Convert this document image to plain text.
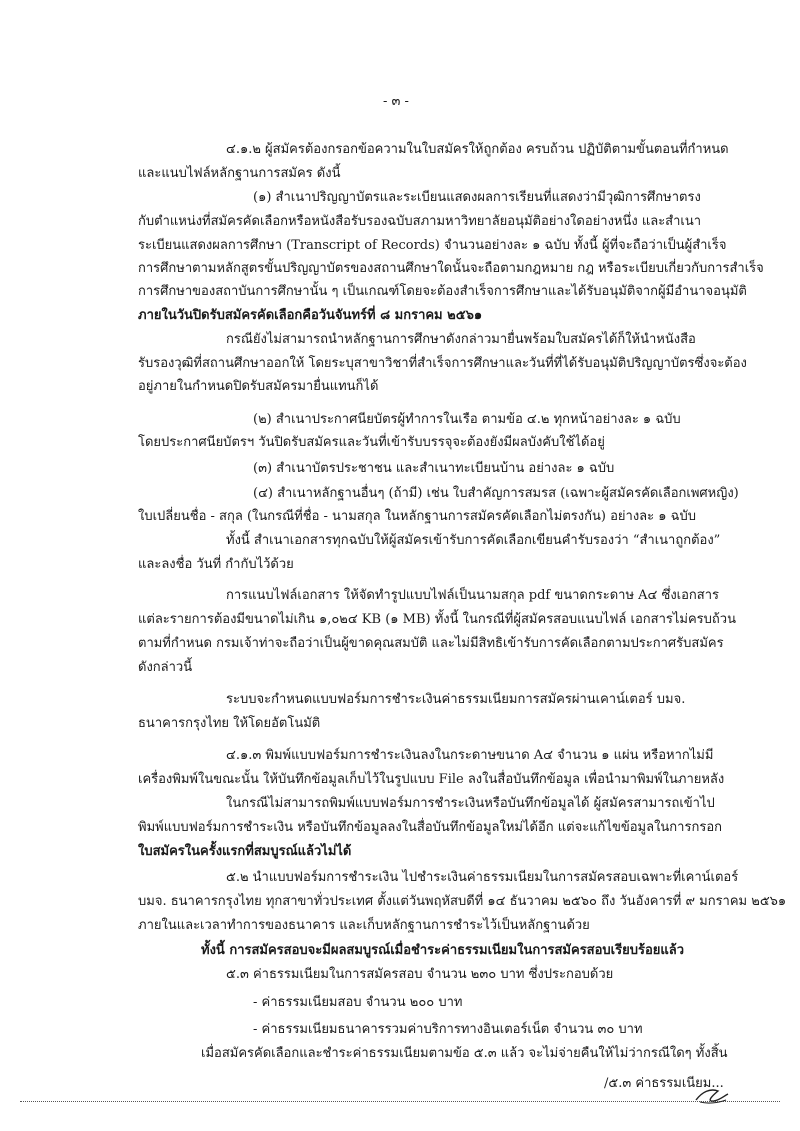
- ๓ -
๔.๑.๒ ผู้สมัครต้องกรอกข้อความในใบสมัครให้ถูกต้อง ครบถ้วน ปฏิบัติตามขั้นตอนที่กำหนด
และแนบไฟล์หลักฐานการสมัคร ดังนี้
(๑) สำเนาปริญญาบัตรและระเบียนแสดงผลการเรียนที่แสดงว่ามีวุฒิการศึกษาตรง
กับตำแหน่งที่สมัครคัดเลือกหรือหนังสือรับรองฉบับสภามหาวิทยาลัยอนุมัติอย่างใดอย่างหนึ่ง และสำเนา
ระเบียนแสดงผลการศึกษา (Transcript of Records) จำนวนอย่างละ ๑ ฉบับ ทั้งนี้ ผู้ที่จะถือว่าเป็นผู้สำเร็จ
การศึกษาตามหลักสูตรขั้นปริญญาบัตรของสถานศึกษาใดนั้นจะถือตามกฎหมาย กฎ หรือระเบียบเกี่ยวกับการสำเร็จ
การศึกษาของสถาบันการศึกษานั้น ๆ เป็นเกณฑ์โดยจะต้องสำเร็จการศึกษาและได้รับอนุมัติจากผู้มีอำนาจอนุมัติ
ภายในวันปิดรับสมัครคัดเลือกคือวันจันทร์ที่ ๘ มกราคม ๒๕๖๑
กรณียังไม่สามารถนำหลักฐานการศึกษาดังกล่าวมายื่นพร้อมใบสมัครได้ก็ให้นำหนังสือ
รับรองวุฒิที่สถานศึกษาออกให้ โดยระบุสาขาวิชาที่สำเร็จการศึกษาและวันที่ที่ได้รับอนุมัติปริญญาบัตรซึ่งจะต้อง
อยู่ภายในกำหนดปิดรับสมัครมายื่นแทนก็ได้
(๒) สำเนาประกาศนียบัตรผู้ทำการในเรือ ตามข้อ ๔.๒ ทุกหน้าอย่างละ ๑ ฉบับ
โดยประกาศนียบัตรฯ วันปิดรับสมัครและวันที่เข้ารับบรรจุจะต้องยังมีผลบังคับใช้ได้อยู่
(๓) สำเนาบัตรประชาชน และสำเนาทะเบียนบ้าน อย่างละ ๑ ฉบับ
(๔) สำเนาหลักฐานอื่นๆ (ถ้ามี) เช่น ใบสำคัญการสมรส (เฉพาะผู้สมัครคัดเลือกเพศหญิง)
ใบเปลี่ยนชื่อ - สกุล (ในกรณีที่ชื่อ - นามสกุล ในหลักฐานการสมัครคัดเลือกไม่ตรงกัน) อย่างละ ๑ ฉบับ
ทั้งนี้ สำเนาเอกสารทุกฉบับให้ผู้สมัครเข้ารับการคัดเลือกเขียนคำรับรองว่า “สำเนาถูกต้อง”
และลงชื่อ วันที่ กำกับไว้ด้วย
การแนบไฟล์เอกสาร ให้จัดทำรูปแบบไฟล์เป็นนามสกุล pdf ขนาดกระดาษ A๔ ซึ่งเอกสาร
แต่ละรายการต้องมีขนาดไม่เกิน ๑,๐๒๔ KB (๑ MB) ทั้งนี้ ในกรณีที่ผู้สมัครสอบแนบไฟล์ เอกสารไม่ครบถ้วน
ตามที่กำหนด กรมเจ้าท่าจะถือว่าเป็นผู้ขาดคุณสมบัติ และไม่มีสิทธิเข้ารับการคัดเลือกตามประกาศรับสมัคร
ดังกล่าวนี้
ระบบจะกำหนดแบบฟอร์มการชำระเงินค่าธรรมเนียมการสมัครผ่านเคาน์เตอร์ บมจ.
ธนาคารกรุงไทย ให้โดยอัตโนมัติ
๔.๑.๓ พิมพ์แบบฟอร์มการชำระเงินลงในกระดาษขนาด A๔ จำนวน ๑ แผ่น หรือหากไม่มี
เครื่องพิมพ์ในขณะนั้น ให้บันทึกข้อมูลเก็บไว้ในรูปแบบ File ลงในสื่อบันทึกข้อมูล เพื่อนำมาพิมพ์ในภายหลัง
ในกรณีไม่สามารถพิมพ์แบบฟอร์มการชำระเงินหรือบันทึกข้อมูลได้ ผู้สมัครสามารถเข้าไป
พิมพ์แบบฟอร์มการชำระเงิน หรือบันทึกข้อมูลลงในสื่อบันทึกข้อมูลใหม่ได้อีก แต่จะแก้ไขข้อมูลในการกรอก
ใบสมัครในครั้งแรกที่สมบูรณ์แล้วไม่ได้
๕.๒ นำแบบฟอร์มการชำระเงิน ไปชำระเงินค่าธรรมเนียมในการสมัครสอบเฉพาะที่เคาน์เตอร์
บมจ. ธนาคารกรุงไทย ทุกสาขาทั่วประเทศ ตั้งแต่วันพฤหัสบดีที่ ๑๔ ธันวาคม ๒๕๖๐ ถึง วันอังคารที่ ๙ มกราคม ๒๕๖๑
ภายในและเวลาทำการของธนาคาร และเก็บหลักฐานการชำระไว้เป็นหลักฐานด้วย
ทั้งนี้ การสมัครสอบจะมีผลสมบูรณ์เมื่อชำระค่าธรรมเนียมในการสมัครสอบเรียบร้อยแล้ว
๕.๓ ค่าธรรมเนียมในการสมัครสอบ จำนวน ๒๓๐ บาท ซึ่งประกอบด้วย
- ค่าธรรมเนียมสอบ จำนวน ๒๐๐ บาท
- ค่าธรรมเนียมธนาคารรวมค่าบริการทางอินเตอร์เน็ต จำนวน ๓๐ บาท
เมื่อสมัครคัดเลือกและชำระค่าธรรมเนียมตามข้อ ๕.๓ แล้ว จะไม่จ่ายคืนให้ไม่ว่ากรณีใดๆ ทั้งสิ้น
/๕.๓ ค่าธรรมเนียม...
